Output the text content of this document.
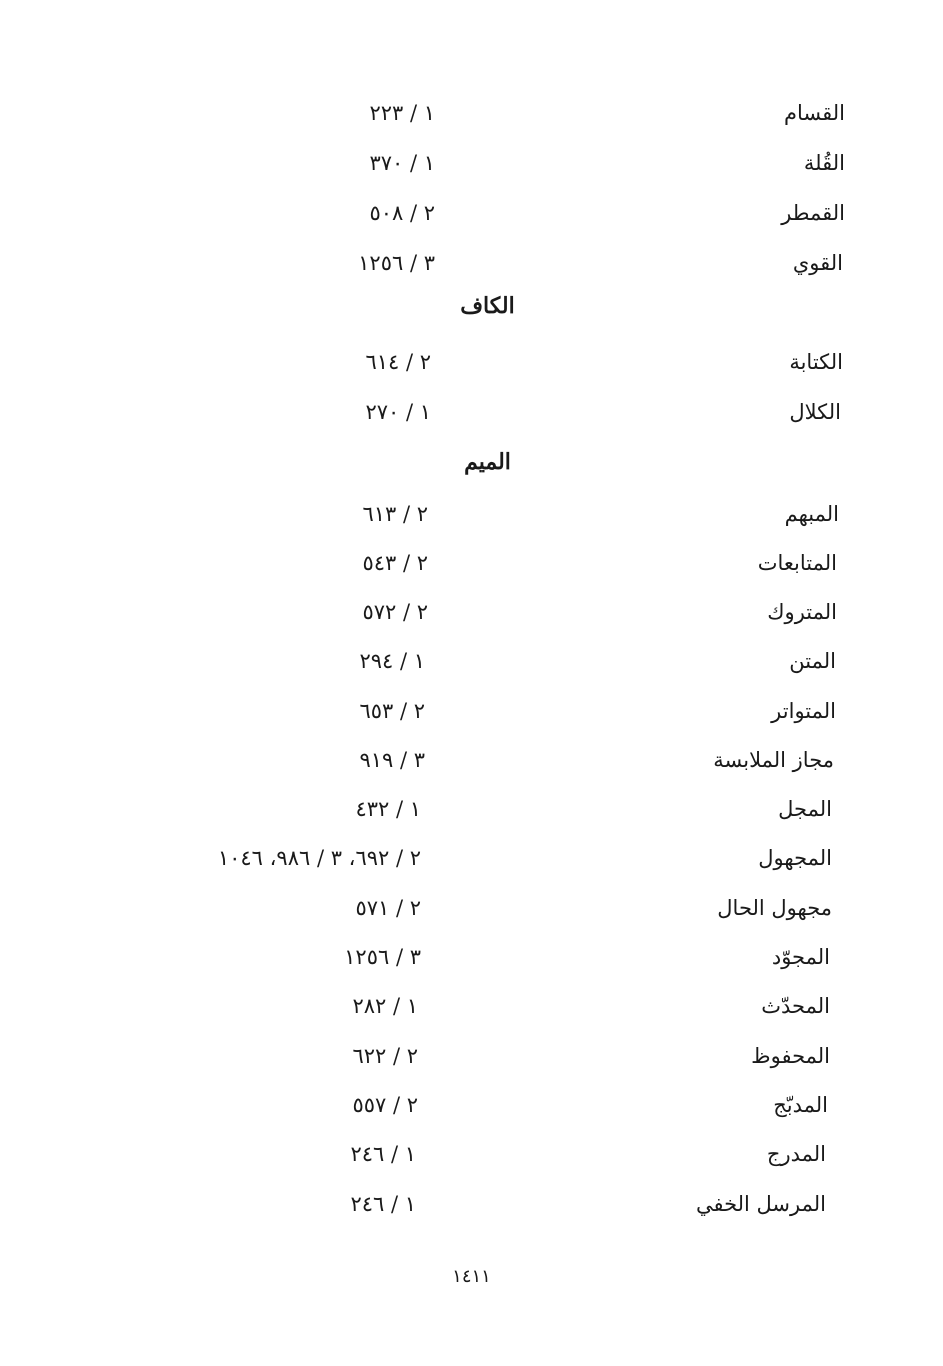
القسام
١ / ٢٢٣
القُلة
١ / ٣٧٠
القمطر
٢ / ٥٠٨
القوي
٣ / ١٢٥٦
الكاف
الكتابة
٢ / ٦١٤
الكلال
١ / ٢٧٠
الميم
المبهم
٢ / ٦١٣
المتابعات
٢ / ٥٤٣
المتروك
٢ / ٥٧٢
المتن
١ / ٢٩٤
المتواتر
٢ / ٦٥٣
مجاز الملابسة
٣ / ٩١٩
المجل
١ / ٤٣٢
المجهول
٢ / ٦٩٢، ٣ / ٩٨٦، ١٠٤٦
مجهول الحال
٢ / ٥٧١
المجوّد
٣ / ١٢٥٦
المحدّث
١ / ٢٨٢
المحفوظ
٢ / ٦٢٢
المدبّج
٢ / ٥٥٧
المدرج
١ / ٢٤٦
المرسل الخفي
١ / ٢٤٦
١٤١١
